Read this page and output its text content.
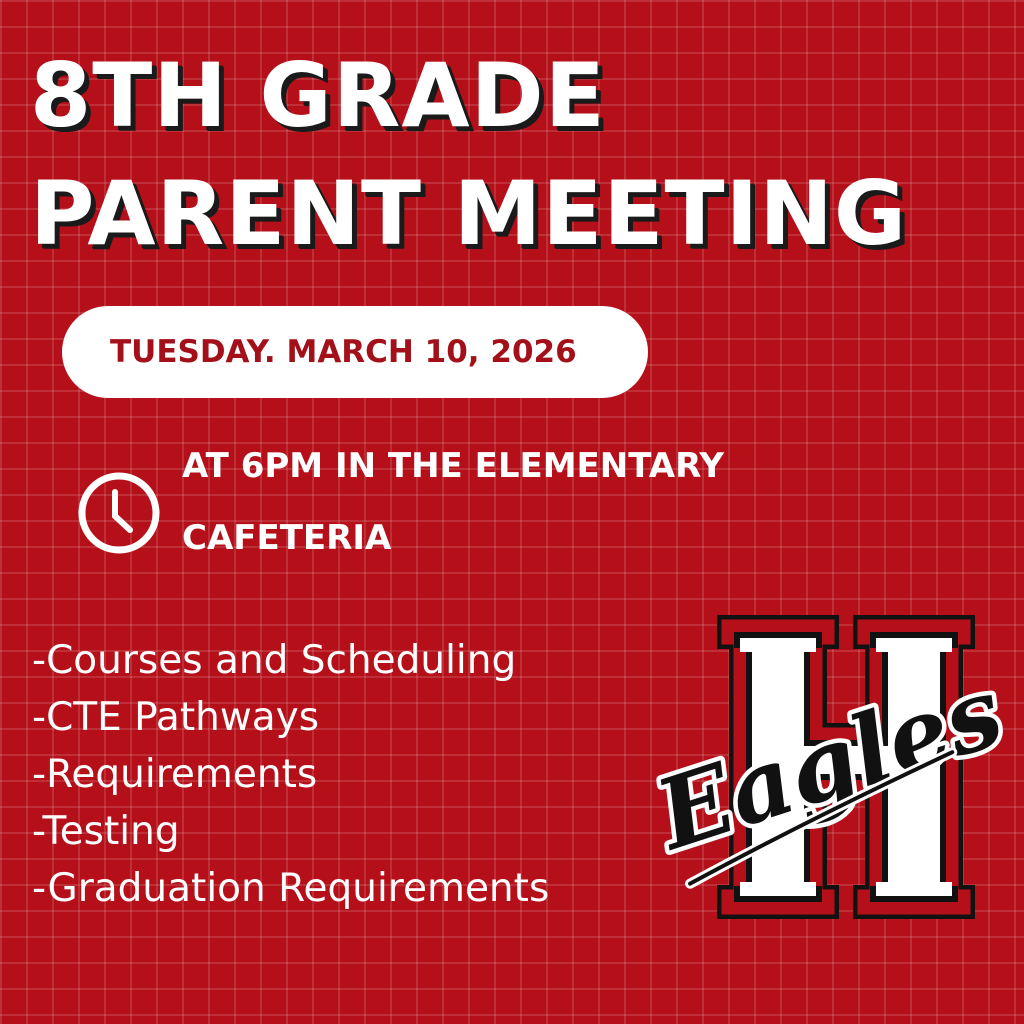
8TH GRADE
PARENT MEETING
TUESDAY. MARCH 10, 2026
AT 6PM IN THE ELEMENTARY
CAFETERIA
-Courses and Scheduling
-CTE Pathways
-Requirements
-Testing
-Graduation Requirements
Eagles
